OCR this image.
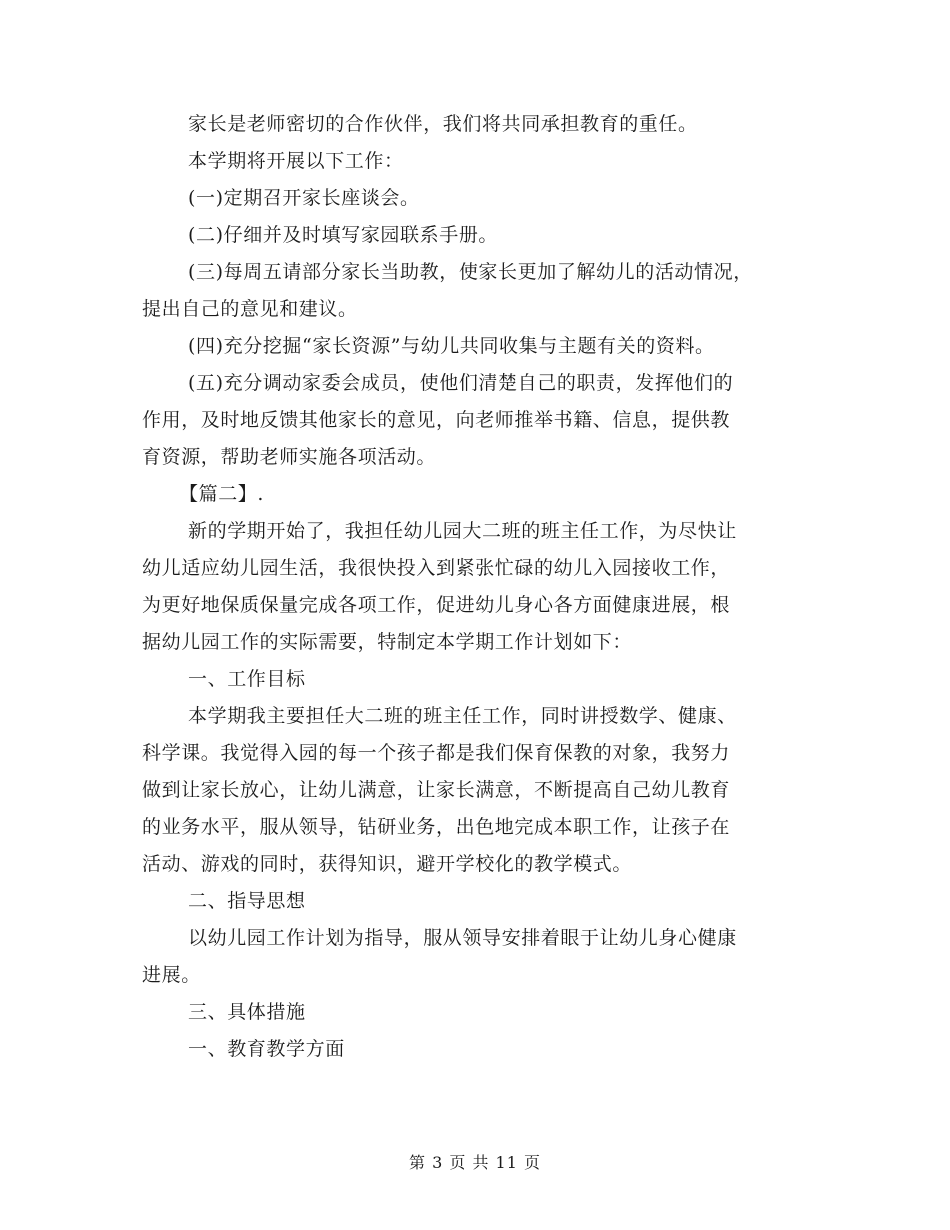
家长是老师密切的合作伙伴，我们将共同承担教育的重任。
本学期将开展以下工作：
(一)定期召开家长座谈会。
(二)仔细并及时填写家园联系手册。
(三)每周五请部分家长当助教，使家长更加了解幼儿的活动情况，
提出自己的意见和建议。
(四)充分挖掘“家长资源”与幼儿共同收集与主题有关的资料。
(五)充分调动家委会成员，使他们清楚自己的职责，发挥他们的
作用，及时地反馈其他家长的意见，向老师推举书籍、信息，提供教
育资源，帮助老师实施各项活动。
【篇二】.
新的学期开始了，我担任幼儿园大二班的班主任工作，为尽快让
幼儿适应幼儿园生活，我很快投入到紧张忙碌的幼儿入园接收工作，
为更好地保质保量完成各项工作，促进幼儿身心各方面健康进展，根
据幼儿园工作的实际需要，特制定本学期工作计划如下：
一、工作目标
本学期我主要担任大二班的班主任工作，同时讲授数学、健康、
科学课。我觉得入园的每一个孩子都是我们保育保教的对象，我努力
做到让家长放心，让幼儿满意，让家长满意，不断提高自己幼儿教育
的业务水平，服从领导，钻研业务，出色地完成本职工作，让孩子在
活动、游戏的同时，获得知识，避开学校化的教学模式。
二、指导思想
以幼儿园工作计划为指导，服从领导安排着眼于让幼儿身心健康
进展。
三、具体措施
一、教育教学方面
第 3 页 共 11 页
